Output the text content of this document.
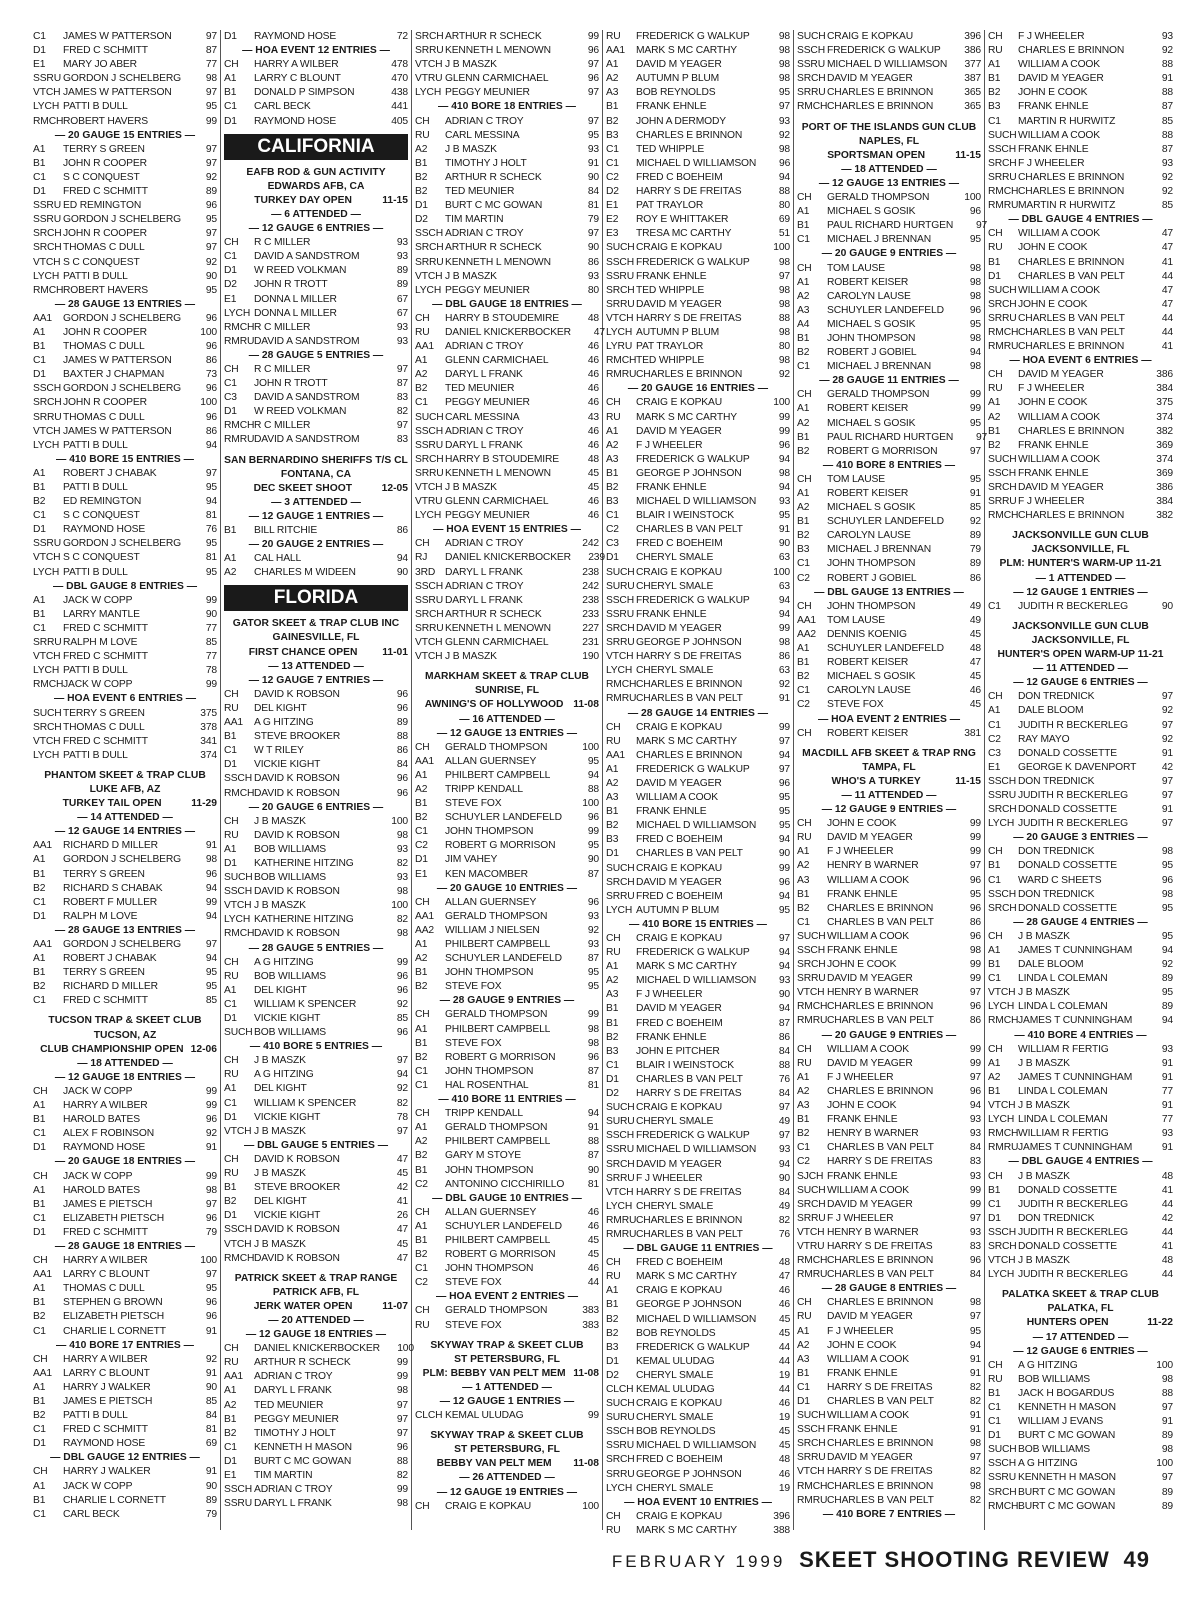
C1	JAMES W PATTERSON	97
D1	FRED C SCHMITT	87
E1	MARY JO ABER	77
SSRU GORDON J SCHELBERG	98
VTCH JAMES W PATTERSON	97
LYCH PATTI B DULL	95
RMCH ROBERT HAVERS	99
— 20 GAUGE 15 ENTRIES —
A1	TERRY S GREEN	97
B1	JOHN R COOPER	97
C1	S C CONQUEST	92
D1	FRED C SCHMITT	89
SSRU ED REMINGTON	96
SSRU GORDON J SCHELBERG	95
SRCH JOHN R COOPER	97
SRCH THOMAS C DULL	97
VTCH S C CONQUEST	92
LYCH PATTI B DULL	90
RMCH ROBERT HAVERS	95
— 28 GAUGE 13 ENTRIES —
AA1	GORDON J SCHELBERG	96
A1	JOHN R COOPER	100
B1	THOMAS C DULL	96
C1	JAMES W PATTERSON	86
D1	BAXTER J CHAPMAN	73
SSCH GORDON J SCHELBERG	96
SRCH JOHN R COOPER	100
SRRU THOMAS C DULL	96
VTCH JAMES W PATTERSON	86
LYCH PATTI B DULL	94
— 410 BORE 15 ENTRIES —
A1	ROBERT J CHABAK	97
B1	PATTI B DULL	95
B2	ED REMINGTON	94
C1	S C CONQUEST	81
D1	RAYMOND HOSE	76
SSRU GORDON J SCHELBERG	95
VTCH S C CONQUEST	81
LYCH PATTI B DULL	95
— DBL GAUGE 8 ENTRIES —
A1	JACK W COPP	99
B1	LARRY MANTLE	90
C1	FRED C SCHMITT	77
SRRU RALPH M LOVE	85
VTCH FRED C SCHMITT	77
LYCH PATTI B DULL	78
RMCH JACK W COPP	99
— HOA EVENT 6 ENTRIES —
SUCH TERRY S GREEN	375
SRCH THOMAS C DULL	378
VTCH FRED C SCHMITT	341
LYCH PATTI B DULL	374
PHANTOM SKEET & TRAP CLUB
LUKE AFB, AZ
TURKEY TAIL OPEN	11-29
— 14 ATTENDED —
— 12 GAUGE 14 ENTRIES —
AA1	RICHARD D MILLER	91
A1	GORDON J SCHELBERG	98
B1	TERRY S GREEN	96
B2	RICHARD S CHABAK	94
C1	ROBERT F MULLER	99
D1	RALPH M LOVE	94
— 28 GAUGE 13 ENTRIES —
AA1	GORDON J SCHELBERG	97
A1	ROBERT J CHABAK	94
B1	TERRY S GREEN	95
B2	RICHARD D MILLER	95
C1	FRED C SCHMITT	85
TUCSON TRAP & SKEET CLUB
TUCSON, AZ
CLUB CHAMPIONSHIP OPEN 12-06
— 18 ATTENDED —
— 12 GAUGE 18 ENTRIES —
CH	JACK W COPP	99
A1	HARRY A WILBER	99
B1	HAROLD BATES	96
C1	ALEX F ROBINSON	92
D1	RAYMOND HOSE	91
— 20 GAUGE 18 ENTRIES —
CH	JACK W COPP	99
A1	HAROLD BATES	98
B1	JAMES E PIETSCH	97
C1	ELIZABETH PIETSCH	96
D1	FRED C SCHMITT	79
— 28 GAUGE 18 ENTRIES —
CH	HARRY A WILBER	100
AA1	LARRY C BLOUNT	97
A1	THOMAS C DULL	95
B1	STEPHEN G BROWN	96
B2	ELIZABETH PIETSCH	96
C1	CHARLIE L CORNETT	91
— 410 BORE 17 ENTRIES —
CH	HARRY A WILBER	92
AA1	LARRY C BLOUNT	91
A1	HARRY J WALKER	90
B1	JAMES E PIETSCH	85
B2	PATTI B DULL	84
C1	FRED C SCHMITT	81
D1	RAYMOND HOSE	69
— DBL GAUGE 12 ENTRIES —
CH	HARRY J WALKER	91
A1	JACK W COPP	90
B1	CHARLIE L CORNETT	89
C1	CARL BECK	79
D1	RAYMOND HOSE	72
— HOA EVENT 12 ENTRIES —
CH	HARRY A WILBER	478
A1	LARRY C BLOUNT	470
B1	DONALD P SIMPSON	438
C1	CARL BECK	441
D1	RAYMOND HOSE	405
CALIFORNIA
EAFB ROD & GUN ACTIVITY
EDWARDS AFB, CA
TURKEY DAY OPEN	11-15
— 6 ATTENDED —
— 12 GAUGE 6 ENTRIES —
CH	R C MILLER	93
C1	DAVID A SANDSTROM	93
D1	W REED VOLKMAN	89
D2	JOHN R TROTT	89
E1	DONNA L MILLER	67
LYCH DONNA L MILLER	67
RMCH R C MILLER	93
RMRU DAVID A SANDSTROM	93
— 28 GAUGE 5 ENTRIES —
CH	R C MILLER	97
C1	JOHN R TROTT	87
C3	DAVID A SANDSTROM	83
D1	W REED VOLKMAN	82
RMCH R C MILLER	97
RMRU DAVID A SANDSTROM	83
SAN BERNARDINO SHERIFFS T/S CL
FONTANA, CA
DEC SKEET SHOOT	12-05
— 3 ATTENDED —
— 12 GAUGE 1 ENTRIES —
B1	BILL RITCHIE	86
— 20 GAUGE 2 ENTRIES —
A1	CAL HALL	94
A2	CHARLES M WIDEEN	90
FLORIDA
GATOR SKEET & TRAP CLUB INC
GAINESVILLE, FL
FIRST CHANCE OPEN 11-01
— 13 ATTENDED —
— 12 GAUGE 7 ENTRIES —
CH	DAVID K ROBSON	96
RU	DEL KIGHT	96
AA1	A G HITZING	89
B1	STEVE BROOKER	88
C1	W T RILEY	86
D1	VICKIE KIGHT	84
SSCH DAVID K ROBSON	96
RMCH DAVID K ROBSON	96
— 20 GAUGE 6 ENTRIES —
CH	J B MASZK	100
RU	DAVID K ROBSON	98
A1	BOB WILLIAMS	93
D1	KATHERINE HITZING	82
SUCH BOB WILLIAMS	93
SSCH DAVID K ROBSON	98
VTCH J B MASZK	100
LYCH KATHERINE HITZING	82
RMCH DAVID K ROBSON	98
— 28 GAUGE 5 ENTRIES —
CH	A G HITZING	99
RU	BOB WILLIAMS	96
A1	DEL KIGHT	96
C1	WILLIAM K SPENCER	92
D1	VICKIE KIGHT	85
SUCH BOB WILLIAMS	96
— 410 BORE 5 ENTRIES —
CH	J B MASZK	97
RU	A G HITZING	94
A1	DEL KIGHT	92
C1	WILLIAM K SPENCER	82
D1	VICKIE KIGHT	78
VTCH J B MASZK	97
— DBL GAUGE 5 ENTRIES —
CH	DAVID K ROBSON	47
RU	J B MASZK	45
B1	STEVE BROOKER	42
B2	DEL KIGHT	41
D1	VICKIE KIGHT	26
SSCH DAVID K ROBSON	47
VTCH J B MASZK	45
RMCH DAVID K ROBSON	47
PATRICK SKEET & TRAP RANGE
PATRICK AFB, FL
JERK WATER OPEN	11-07
— 20 ATTENDED —
— 12 GAUGE 18 ENTRIES —
CH	DANIEL KNICKERBOCKER	100
RU	ARTHUR R SCHECK	99
AA1	ADRIAN C TROY	99
A1	DARYL L FRANK	98
A2	TED MEUNIER	97
B1	PEGGY MEUNIER	97
B2	TIMOTHY J HOLT	97
C1	KENNETH H MASON	96
D1	BURT C MC GOWAN	88
E1	TIM MARTIN	82
SSCH ADRIAN C TROY	99
SSRU DARYL L FRANK	98
SRCH ARTHUR R SCHECK	99
SRRU KENNETH L MENOWN	96
VTCH J B MASZK	97
VTRU GLENN CARMICHAEL	96
LYCH PEGGY MEUNIER	97
— 410 BORE 18 ENTRIES —
CH	ADRIAN C TROY	97
RU	CARL MESSINA	95
A2	J B MASZK	93
B1	TIMOTHY J HOLT	91
B2	ARTHUR R SCHECK	90
B2	TED MEUNIER	84
D1	BURT C MC GOWAN	81
D2	TIM MARTIN	79
SSCH ADRIAN C TROY	97
SRCH ARTHUR R SCHECK	90
SRRU KENNETH L MENOWN	86
VTCH J B MASZK	93
LYCH PEGGY MEUNIER	80
— DBL GAUGE 18 ENTRIES —
CH	HARRY B STOUDEMIRE	48
RU	DANIEL KNICKERBOCKER	47
AA1	ADRIAN C TROY	46
A1	GLENN CARMICHAEL	46
A2	DARYL L FRANK	46
B2	TED MEUNIER	46
C1	PEGGY MEUNIER	46
SUCH CARL MESSINA	43
SSCH ADRIAN C TROY	46
SSRU DARYL L FRANK	46
SRCH HARRY B STOUDEMIRE	48
SRRU KENNETH L MENOWN	45
VTCH J B MASZK	45
VTRU GLENN CARMICHAEL	46
LYCH PEGGY MEUNIER	46
— HOA EVENT 15 ENTRIES —
CH	ADRIAN C TROY	242
RJ	DANIEL KNICKERBOCKER	239
3RD DARYL L FRANK	238
SSCH ADRIAN C TROY	242
SSRU DARYL L FRANK	238
SRCH ARTHUR R SCHECK	233
SRRU KENNETH L MENOWN	227
VTCH GLENN CARMICHAEL	231
VTCH J B MASZK	190
MARKHAM SKEET & TRAP CLUB
SUNRISE, FL
AWNING'S OF HOLLYWOOD 11-08
— 16 ATTENDED —
— 12 GAUGE 13 ENTRIES —
CH	GERALD THOMPSON	100
AA1	ALLAN GUERNSEY	95
A1	PHILBERT CAMPBELL	94
A2	TRIPP KENDALL	88
B1	STEVE FOX	100
B2	SCHUYLER LANDEFELD	96
C1	JOHN THOMPSON	99
C2	ROBERT G MORRISON	95
D1	JIM VAHEY	90
E1	KEN MACOMBER	87
— 20 GAUGE 10 ENTRIES —
CH	ALLAN GUERNSEY	96
AA1	GERALD THOMPSON	93
AA2	WILLIAM J NIELSEN	92
A1	PHILBERT CAMPBELL	93
A2	SCHUYLER LANDEFELD	87
B1	JOHN THOMPSON	95
B2	STEVE FOX	95
— 28 GAUGE 9 ENTRIES —
CH	GERALD THOMPSON	99
A1	PHILBERT CAMPBELL	98
B1	STEVE FOX	98
B2	ROBERT G MORRISON	96
C1	JOHN THOMPSON	87
C1	HAL ROSENTHAL	81
— 410 BORE 11 ENTRIES —
CH	TRIPP KENDALL	94
A1	GERALD THOMPSON	91
A2	PHILBERT CAMPBELL	88
B2	GARY M STOYE	87
B1	JOHN THOMPSON	90
C2	ANTONINO CICCHIRILLO	81
— DBL GAUGE 10 ENTRIES —
CH	ALLAN GUERNSEY	46
A1	SCHUYLER LANDEFELD	46
B1	PHILBERT CAMPBELL	45
B2	ROBERT G MORRISON	45
C1	JOHN THOMPSON	46
C2	STEVE FOX	44
— HOA EVENT 2 ENTRIES —
CH	GERALD THOMPSON	383
RU	STEVE FOX	383
SKYWAY TRAP & SKEET CLUB
ST PETERSBURG, FL
PLM: BEBBY VAN PELT MEM 11-08
— 1 ATTENDED —
— 12 GAUGE 1 ENTRIES —
CLCH KEMAL ULUDAG	99
SKYWAY TRAP & SKEET CLUB
ST PETERSBURG, FL
BEBBY VAN PELT MEM 11-08
— 26 ATTENDED —
— 12 GAUGE 19 ENTRIES —
CH	CRAIG E KOPKAU	100
RU	FREDERICK G WALKUP	98
AA1	MARK S MC CARTHY	98
A1	DAVID M YEAGER	98
A2	AUTUMN P BLUM	98
A3	BOB REYNOLDS	95
B1	FRANK EHNLE	97
B2	JOHN A DERMODY	93
B3	CHARLES E BRINNON	92
C1	TED WHIPPLE	98
C1	MICHAEL D WILLIAMSON	96
C2	FRED C BOEHEIM	94
D2	HARRY S DE FREITAS	88
E1	PAT TRAYLOR	80
E2	ROY E WHITTAKER	69
E3	TRESA MC CARTHY	51
SUCH CRAIG E KOPKAU	100
SSCH FREDERICK G WALKUP	98
SSRU FRANK EHNLE	97
SRCH TED WHIPPLE	98
SRRU DAVID M YEAGER	98
VTCH HARRY S DE FREITAS	88
LYCH AUTUMN P BLUM	98
LYRU PAT TRAYLOR	80
RMCH TED WHIPPLE	98
RMRU CHARLES E BRINNON	92
— 20 GAUGE 16 ENTRIES —
CH	CRAIG E KOPKAU	100
RU	MARK S MC CARTHY	99
A1	DAVID M YEAGER	99
A2	F J WHEELER	96
A3	FREDERICK G WALKUP	94
B1	GEORGE P JOHNSON	98
B2	FRANK EHNLE	94
B3	MICHAEL D WILLIAMSON	93
C1	BLAIR I WEINSTOCK	95
C2	CHARLES B VAN PELT	91
C3	FRED C BOEHEIM	90
D1	CHERYL SMALE	63
SUCH CRAIG E KOPKAU	100
SURU CHERYL SMALE	63
SSCH FREDERICK G WALKUP	94
SSRU FRANK EHNLE	94
SRCH DAVID M YEAGER	99
SRRU GEORGE P JOHNSON	98
VTCH HARRY S DE FREITAS	86
LYCH CHERYL SMALE	63
RMCH CHARLES E BRINNON	92
RMRU CHARLES B VAN PELT	91
— 28 GAUGE 14 ENTRIES —
CH	CRAIG E KOPKAU	99
RU	MARK S MC CARTHY	97
AA1	CHARLES E BRINNON	94
A1	FREDERICK G WALKUP	97
A2	DAVID M YEAGER	96
A3	WILLIAM A COOK	95
B1	FRANK EHNLE	95
B2	MICHAEL D WILLIAMSON	95
B3	FRED C BOEHEIM	94
D1	CHARLES B VAN PELT	90
SUCH CRAIG E KOPKAU	99
SRCH DAVID M YEAGER	96
SRRU FRED C BOEHEIM	94
LYCH AUTUMN P BLUM	95
— 410 BORE 15 ENTRIES —
CH	CRAIG E KOPKAU	97
RU	FREDERICK G WALKUP	94
A1	MARK S MC CARTHY	94
A2	MICHAEL D WILLIAMSON	93
A3	F J WHEELER	90
B1	DAVID M YEAGER	94
B1	FRED C BOEHEIM	87
B2	FRANK EHNLE	86
B3	JOHN E PITCHER	84
C1	BLAIR I WEINSTOCK	88
D1	CHARLES B VAN PELT	76
D2	HARRY S DE FREITAS	84
SUCH CRAIG E KOPKAU	97
SURU CHERYL SMALE	49
SSCH FREDERICK G WALKUP	97
SSRU MICHAEL D WILLIAMSON	93
SRCH DAVID M YEAGER	94
SRRU F J WHEELER	90
VTCH HARRY S DE FREITAS	84
LYCH CHERYL SMALE	49
RMRU CHARLES E BRINNON	82
RMRU CHARLES B VAN PELT	76
— DBL GAUGE 11 ENTRIES —
CH	FRED C BOEHEIM	48
RU	MARK S MC CARTHY	47
A1	CRAIG E KOPKAU	46
B1	GEORGE P JOHNSON	46
B2	MICHAEL D WILLIAMSON	45
B2	BOB REYNOLDS	45
B3	FREDERICK G WALKUP	44
D1	KEMAL ULUDAG	44
D2	CHERYL SMALE	19
CLCH KEMAL ULUDAG	44
SUCH CRAIG E KOPKAU	46
SURU CHERYL SMALE	19
SSCH BOB REYNOLDS	45
SSRU MICHAEL D WILLIAMSON	45
SRCH FRED C BOEHEIM	48
SRRU GEORGE P JOHNSON	46
LYCH CHERYL SMALE	19
— HOA EVENT 10 ENTRIES —
CH	CRAIG E KOPKAU	396
RU	MARK S MC CARTHY	388
SUCH CRAIG E KOPKAU	396
SSCH FREDERICK G WALKUP	386
SSRU MICHAEL D WILLIAMSON	377
SRCH DAVID M YEAGER	387
SRRU CHARLES E BRINNON	365
RMCH CHARLES E BRINNON	365
PORT OF THE ISLANDS GUN CLUB
NAPLES, FL
SPORTSMAN OPEN	11-15
— 18 ATTENDED —
— 12 GAUGE 13 ENTRIES —
CH	GERALD THOMPSON	100
A1	MICHAEL S GOSIK	96
B1	PAUL RICHARD HURTGEN	97
C1	MICHAEL J BRENNAN	95
— 20 GAUGE 9 ENTRIES —
CH	TOM LAUSE	98
A1	ROBERT KEISER	98
A2	CAROLYN LAUSE	98
A3	SCHUYLER LANDEFELD	96
A4	MICHAEL S GOSIK	95
B1	JOHN THOMPSON	98
B2	ROBERT J GOBIEL	94
C1	MICHAEL J BRENNAN	98
— 28 GAUGE 11 ENTRIES —
CH	GERALD THOMPSON	99
A1	ROBERT KEISER	99
A2	MICHAEL S GOSIK	95
B1	PAUL RICHARD HURTGEN	97
B2	ROBERT G MORRISON	97
— 410 BORE 8 ENTRIES —
CH	TOM LAUSE	95
A1	ROBERT KEISER	91
A2	MICHAEL S GOSIK	85
B1	SCHUYLER LANDEFELD	92
B2	CAROLYN LAUSE	89
B3	MICHAEL J BRENNAN	79
C1	JOHN THOMPSON	89
C2	ROBERT J GOBIEL	86
— DBL GAUGE 13 ENTRIES —
CH	JOHN THOMPSON	49
AA1	TOM LAUSE	49
AA2	DENNIS KOENIG	45
A1	SCHUYLER LANDEFELD	48
B1	ROBERT KEISER	47
B2	MICHAEL S GOSIK	45
C1	CAROLYN LAUSE	46
C2	STEVE FOX	45
— HOA EVENT 2 ENTRIES —
CH	ROBERT KEISER	381
MACDILL AFB SKEET & TRAP RNG
TAMPA, FL
WHO'S A TURKEY	11-15
— 11 ATTENDED —
— 12 GAUGE 9 ENTRIES —
CH	JOHN E COOK	99
RU	DAVID M YEAGER	99
A1	F J WHEELER	99
A2	HENRY B WARNER	97
A3	WILLIAM A COOK	96
B1	FRANK EHNLE	95
B2	CHARLES E BRINNON	96
C1	CHARLES B VAN PELT	86
SUCH WILLIAM A COOK	96
SSCH FRANK EHNLE	98
SRCH JOHN E COOK	99
SRRU DAVID M YEAGER	99
VTCH HENRY B WARNER	97
RMCH CHARLES E BRINNON	96
RMRU CHARLES B VAN PELT	86
— 20 GAUGE 9 ENTRIES —
CH	WILLIAM A COOK	99
RU	DAVID M YEAGER	99
A1	F J WHEELER	97
A2	CHARLES E BRINNON	96
A3	JOHN E COOK	94
B1	FRANK EHNLE	93
B2	HENRY B WARNER	93
C1	CHARLES B VAN PELT	84
C2	HARRY S DE FREITAS	83
SJCH FRANK EHNLE	93
SUCH WILLIAM A COOK	99
SRCH DAVID M YEAGER	99
SRRU F J WHEELER	97
VTCH HENRY B WARNER	93
VTRU HARRY S DE FREITAS	83
RMCH CHARLES E BRINNON	96
RMRU CHARLES B VAN PELT	84
— 28 GAUGE 8 ENTRIES —
CH	CHARLES E BRINNON	98
RU	DAVID M YEAGER	97
A1	F J WHEELER	95
A2	JOHN E COOK	94
A3	WILLIAM A COOK	91
B1	FRANK EHNLE	91
C1	HARRY S DE FREITAS	82
D1	CHARLES B VAN PELT	82
SUCH WILLIAM A COOK	91
SSCH FRANK EHNLE	91
SRCH CHARLES E BRINNON	98
SRRU DAVID M YEAGER	97
VTCH HARRY S DE FREITAS	82
RMCH CHARLES E BRINNON	98
RMRU CHARLES B VAN PELT	82
— 410 BORE 7 ENTRIES —
CH	F J WHEELER	93
RU	CHARLES E BRINNON	92
A1	WILLIAM A COOK	88
B1	DAVID M YEAGER	91
B2	JOHN E COOK	88
B3	FRANK EHNLE	87
C1	MARTIN R HURWITZ	85
SUCH WILLIAM A COOK	88
SSCH FRANK EHNLE	87
SRCH F J WHEELER	93
SRRU CHARLES E BRINNON	92
RMCH CHARLES E BRINNON	92
RMRU MARTIN R HURWITZ	85
— DBL GAUGE 4 ENTRIES —
CH	WILLIAM A COOK	47
RU	JOHN E COOK	47
B1	CHARLES E BRINNON	41
D1	CHARLES B VAN PELT	44
SUCH WILLIAM A COOK	47
SRCH JOHN E COOK	47
SRRU CHARLES B VAN PELT	44
RMCH CHARLES B VAN PELT	44
RMRU CHARLES E BRINNON	41
— HOA EVENT 6 ENTRIES —
CH	DAVID M YEAGER	386
RU	F J WHEELER	384
A1	JOHN E COOK	375
A2	WILLIAM A COOK	374
B1	CHARLES E BRINNON	382
B2	FRANK EHNLE	369
SUCH WILLIAM A COOK	374
SSCH FRANK EHNLE	369
SRCH DAVID M YEAGER	386
SRRU F J WHEELER	384
RMCH CHARLES E BRINNON	382
JACKSONVILLE GUN CLUB
JACKSONVILLE, FL
PLM: HUNTER'S WARM-UP 11-21
— 1 ATTENDED —
— 12 GAUGE 1 ENTRIES —
C1	JUDITH R BECKERLEG	90
JACKSONVILLE GUN CLUB
JACKSONVILLE, FL
HUNTER'S OPEN WARM-UP 11-21
— 11 ATTENDED —
— 12 GAUGE 6 ENTRIES —
CH	DON TREDNICK	97
A1	DALE BLOOM	92
C1	JUDITH R BECKERLEG	97
C2	RAY MAYO	92
C3	DONALD COSSETTE	91
E1	GEORGE K DAVENPORT	42
SSCH DON TREDNICK	97
SSRU JUDITH R BECKERLEG	97
SRCH DONALD COSSETTE	91
LYCH JUDITH R BECKERLEG	97
— 20 GAUGE 3 ENTRIES —
CH	DON TREDNICK	98
B1	DONALD COSSETTE	95
C1	WARD C SHEETS	96
SSCH DON TREDNICK	98
SRCH DONALD COSSETTE	95
— 28 GAUGE 4 ENTRIES —
CH	J B MASZK	95
A1	JAMES T CUNNINGHAM	94
B1	DALE BLOOM	92
C1	LINDA L COLEMAN	89
VTCH J B MASZK	95
LYCH LINDA L COLEMAN	89
RMCH JAMES T CUNNINGHAM	94
— 410 BORE 4 ENTRIES —
CH	WILLIAM R FERTIG	93
A1	J B MASZK	91
A2	JAMES T CUNNINGHAM	91
B1	LINDA L COLEMAN	77
VTCH J B MASZK	91
LYCH LINDA L COLEMAN	77
RMCH WILLIAM R FERTIG	93
RMRU JAMES T CUNNINGHAM	91
— DBL GAUGE 4 ENTRIES —
CH	J B MASZK	48
B1	DONALD COSSETTE	41
C1	JUDITH R BECKERLEG	44
D1	DON TREDNICK	42
SSCH JUDITH R BECKERLEG	44
SRCH DONALD COSSETTE	41
VTCH J B MASZK	48
LYCH JUDITH R BECKERLEG	44
PALATKA SKEET & TRAP CLUB
PALATKA, FL
HUNTERS OPEN	11-22
— 17 ATTENDED —
— 12 GAUGE 6 ENTRIES —
CH	A G HITZING	100
RU	BOB WILLIAMS	98
B1	JACK H BOGARDUS	88
C1	KENNETH H MASON	97
C1	WILLIAM J EVANS	91
D1	BURT C MC GOWAN	89
SUCH BOB WILLIAMS	98
SSCH A G HITZING	100
SSRU KENNETH H MASON	97
SRCH BURT C MC GOWAN	89
RMCH BURT C MC GOWAN	89
FEBRUARY 1999 SKEET SHOOTING REVIEW 49
